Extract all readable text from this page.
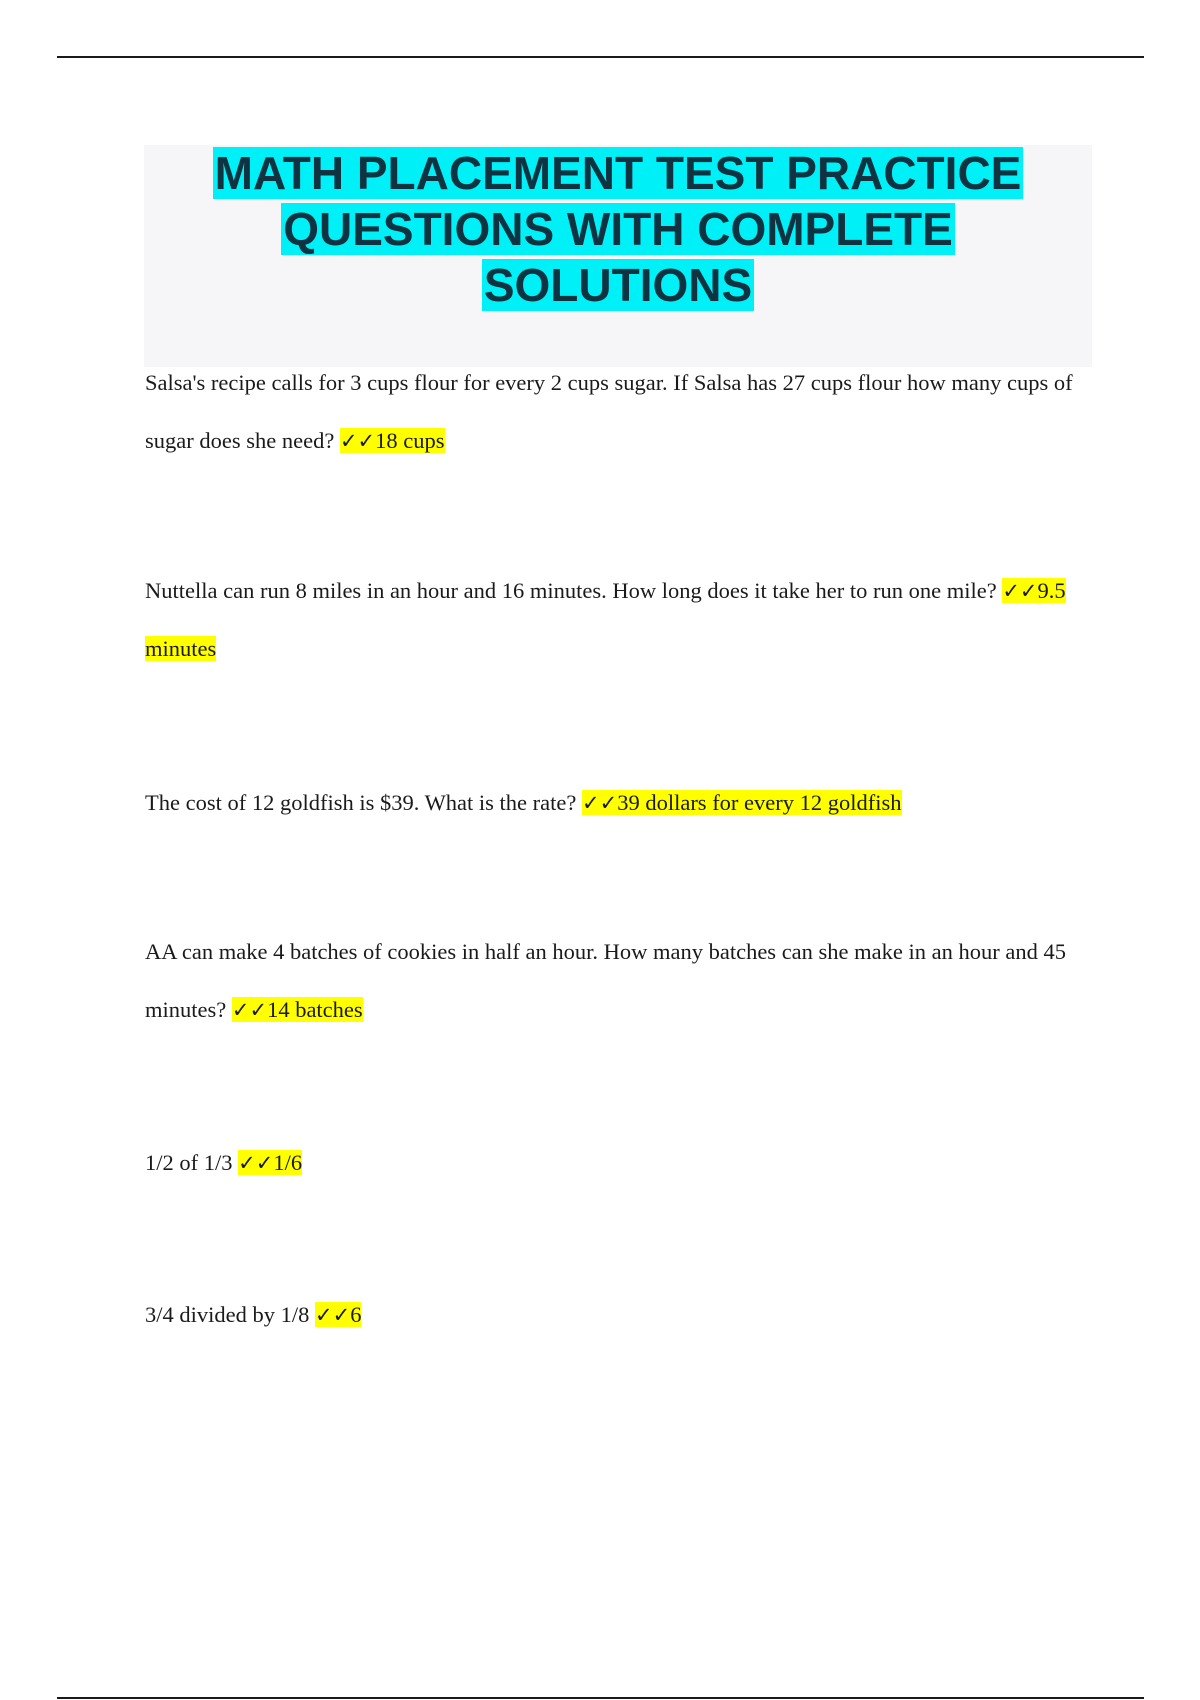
MATH PLACEMENT TEST PRACTICE
QUESTIONS WITH COMPLETE
SOLUTIONS

Salsa's recipe calls for 3 cups flour for every 2 cups sugar. If Salsa has 27 cups flour how many cups of sugar does she need? ✓✓18 cups

Nuttella can run 8 miles in an hour and 16 minutes. How long does it take her to run one mile? ✓✓9.5 minutes

The cost of 12 goldfish is $39. What is the rate? ✓✓39 dollars for every 12 goldfish

AA can make 4 batches of cookies in half an hour. How many batches can she make in an hour and 45 minutes? ✓✓14 batches

1/2 of 1/3 ✓✓1/6

3/4 divided by 1/8 ✓✓6
